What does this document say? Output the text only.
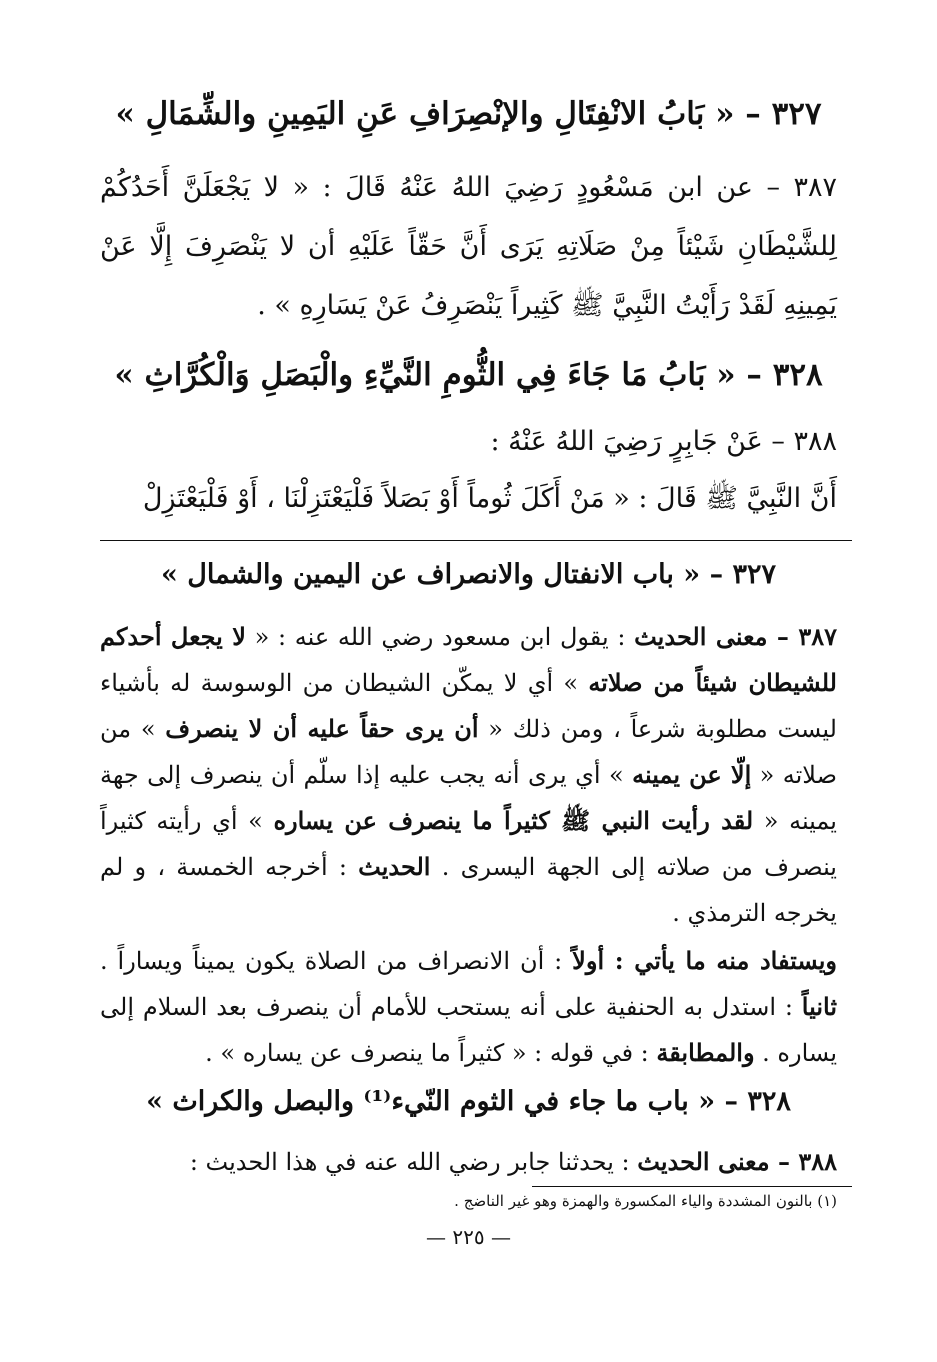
٣٢٧ – « بَابُ الانْفِتَالِ والإنْصِرَافِ عَنِ اليَمِينِ والشِّمَالِ »
٣٨٧ – عن ابن مَسْعُودٍ رَضِيَ اللهُ عَنْهُ قَالَ : « لا يَجْعَلَنَّ أَحَدُكُمْ لِلشَّيْطَانِ شَيْئاً مِنْ صَلَاتِهِ يَرَى أَنَّ حَقّاً عَلَيْهِ أن لا يَنْصَرِفَ إِلَّا عَنْ يَمِينِهِ لَقَدْ رَأَيْتُ النَّبِيَّ ﷺ كَثِيراً يَنْصَرِفُ عَنْ يَسَارِهِ » .
٣٢٨ – « بَابُ مَا جَاءَ فِي الثُّومِ النَّيِّءِ والْبَصَلِ وَالْكُرَّاثِ »
٣٨٨ – عَنْ جَابِرٍ رَضِيَ اللهُ عَنْهُ :
أَنَّ النَّبِيَّ ﷺ قَالَ : « مَنْ أَكَلَ ثُوماً أَوْ بَصَلاً فَلْيَعْتَزِلْنَا ، أَوْ فَلْيَعْتَزِلْ
٣٢٧ – « باب الانفتال والانصراف عن اليمين والشمال »
٣٨٧ – معنى الحديث : يقول ابن مسعود رضي الله عنه : « لا يجعل أحدكم للشيطان شيئاً من صلاته » أي لا يمكّن الشيطان من الوسوسة له بأشياء ليست مطلوبة شرعاً ، ومن ذلك « أن يرى حقاً عليه أن لا ينصرف » من صلاته « إلّا عن يمينه » أي يرى أنه يجب عليه إذا سلّم أن ينصرف إلى جهة يمينه « لقد رأيت النبي ﷺ كثيراً ما ينصرف عن يساره » أي رأيته كثيراً ينصرف من صلاته إلى الجهة اليسرى . الحديث : أخرجه الخمسة ، و لم يخرجه الترمذي .
ويستفاد منه ما يأتي : أولاً : أن الانصراف من الصلاة يكون يميناً ويساراً . ثانياً : استدل به الحنفية على أنه يستحب للأمام أن ينصرف بعد السلام إلى يساره . والمطابقة : في قوله : « كثيراً ما ينصرف عن يساره » .
٣٢٨ – « باب ما جاء في الثوم النّيء⁽¹⁾ والبصل والكراث »
٣٨٨ – معنى الحديث : يحدثنا جابر رضي الله عنه في هذا الحديث :
(١) بالنون المشددة والياء المكسورة والهمزة وهو غير الناضج .
— ٢٢٥ —
